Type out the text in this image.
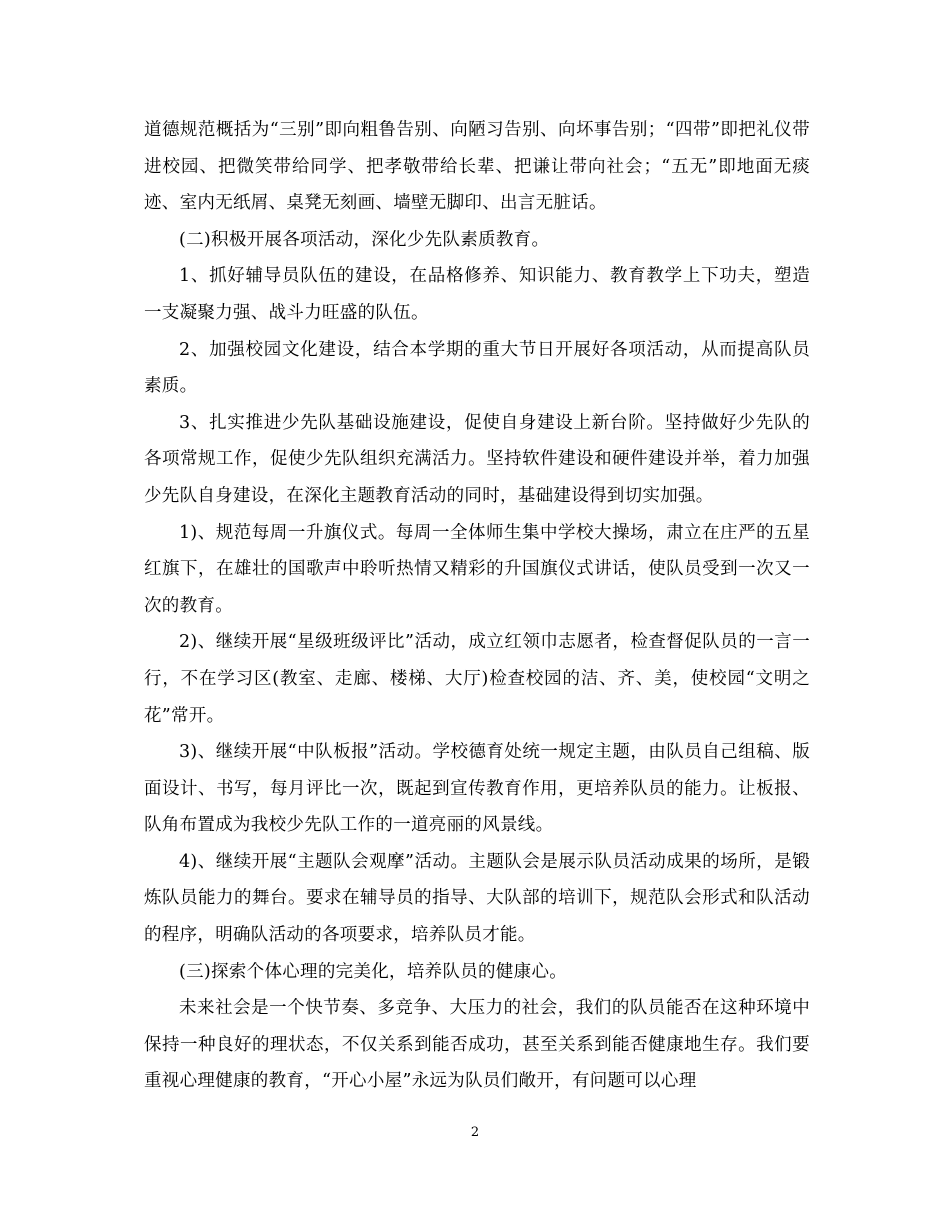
道德规范概括为“三别”即向粗鲁告别、向陋习告别、向坏事告别；“四带”即把礼仪带进校园、把微笑带给同学、把孝敬带给长辈、把谦让带向社会；“五无”即地面无痰迹、室内无纸屑、桌凳无刻画、墙壁无脚印、出言无脏话。

(二)积极开展各项活动，深化少先队素质教育。

1、抓好辅导员队伍的建设，在品格修养、知识能力、教育教学上下功夫，塑造一支凝聚力强、战斗力旺盛的队伍。

2、加强校园文化建设，结合本学期的重大节日开展好各项活动，从而提高队员素质。

3、扎实推进少先队基础设施建设，促使自身建设上新台阶。坚持做好少先队的各项常规工作，促使少先队组织充满活力。坚持软件建设和硬件建设并举，着力加强少先队自身建设，在深化主题教育活动的同时，基础建设得到切实加强。

1)、规范每周一升旗仪式。每周一全体师生集中学校大操场，肃立在庄严的五星红旗下，在雄壮的国歌声中聆听热情又精彩的升国旗仪式讲话，使队员受到一次又一次的教育。

2)、继续开展“星级班级评比”活动，成立红领巾志愿者，检查督促队员的一言一行，不在学习区(教室、走廊、楼梯、大厅)检查校园的洁、齐、美，使校园“文明之花”常开。

3)、继续开展“中队板报”活动。学校德育处统一规定主题，由队员自己组稿、版面设计、书写，每月评比一次，既起到宣传教育作用，更培养队员的能力。让板报、队角布置成为我校少先队工作的一道亮丽的风景线。

4)、继续开展“主题队会观摩”活动。主题队会是展示队员活动成果的场所，是锻炼队员能力的舞台。要求在辅导员的指导、大队部的培训下，规范队会形式和队活动的程序，明确队活动的各项要求，培养队员才能。

(三)探索个体心理的完美化，培养队员的健康心。

未来社会是一个快节奏、多竞争、大压力的社会，我们的队员能否在这种环境中保持一种良好的理状态，不仅关系到能否成功，甚至关系到能否健康地生存。我们要重视心理健康的教育，“开心小屋”永远为队员们敞开，有问题可以心理

2
